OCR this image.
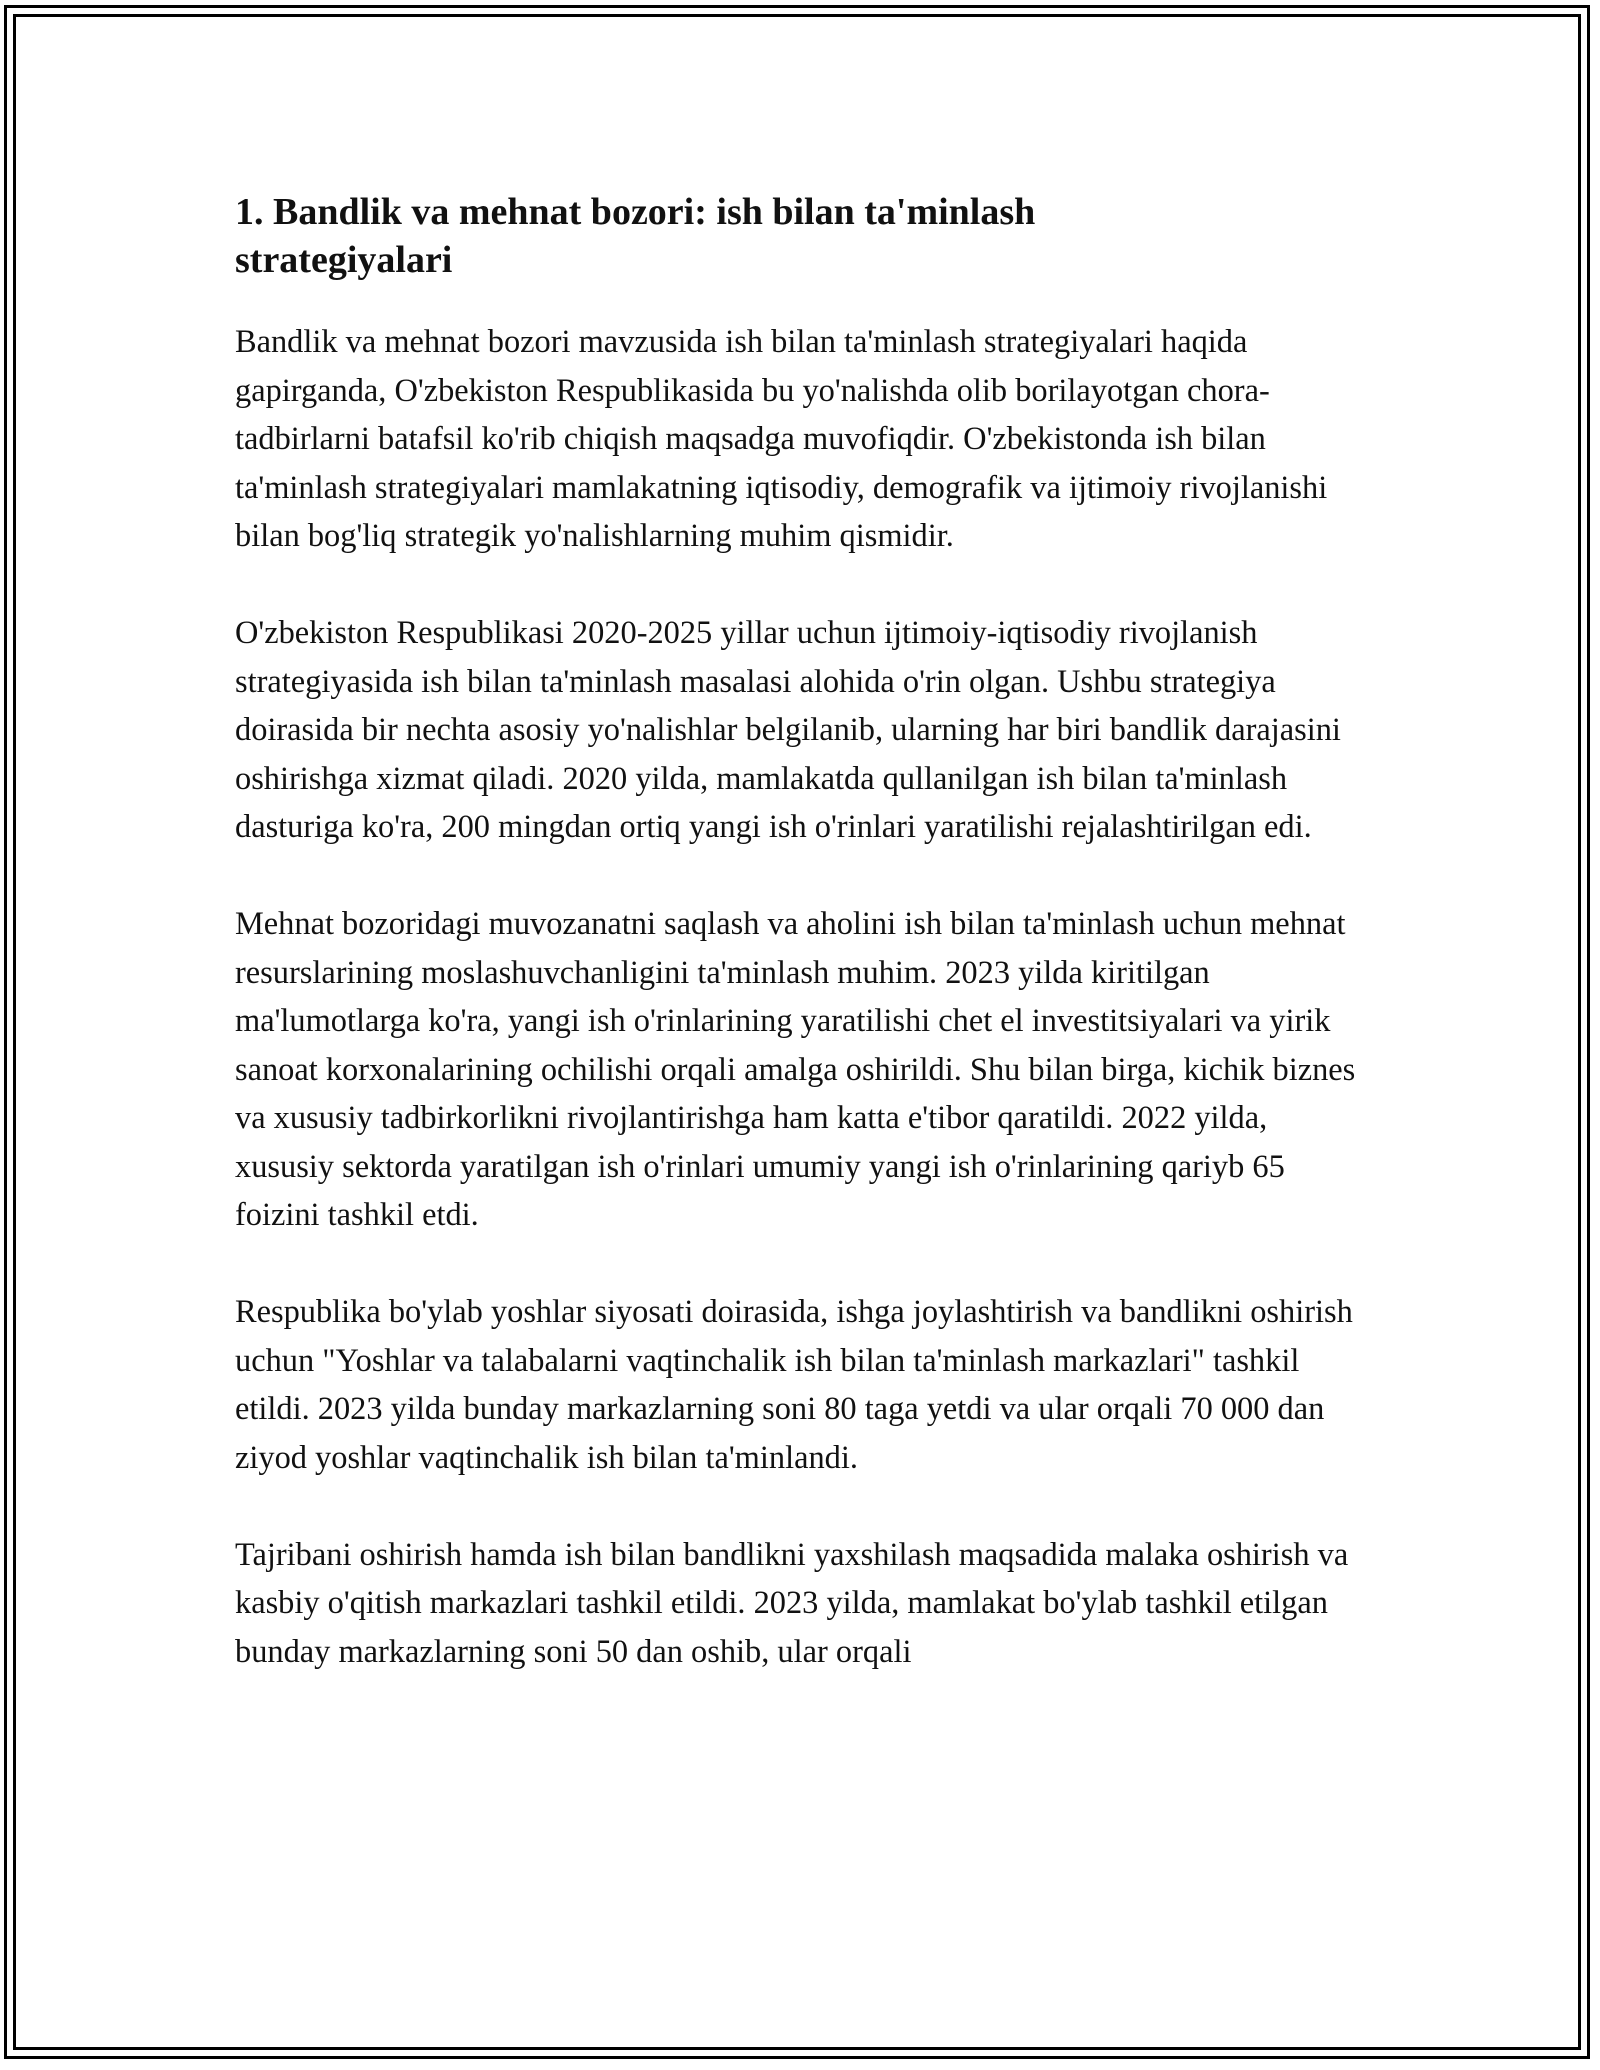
1. Bandlik va mehnat bozori: ish bilan ta'minlash strategiyalari

Bandlik va mehnat bozori mavzusida ish bilan ta'minlash strategiyalari haqida gapirganda, O'zbekiston Respublikasida bu yo'nalishda olib borilayotgan chora-tadbirlarni batafsil ko'rib chiqish maqsadga muvofiqdir. O'zbekistonda ish bilan ta'minlash strategiyalari mamlakatning iqtisodiy, demografik va ijtimoiy rivojlanishi bilan bog'liq strategik yo'nalishlarning muhim qismidir.

O'zbekiston Respublikasi 2020-2025 yillar uchun ijtimoiy-iqtisodiy rivojlanish strategiyasida ish bilan ta'minlash masalasi alohida o'rin olgan. Ushbu strategiya doirasida bir nechta asosiy yo'nalishlar belgilanib, ularning har biri bandlik darajasini oshirishga xizmat qiladi. 2020 yilda, mamlakatda qullanilgan ish bilan ta'minlash dasturiga ko'ra, 200 mingdan ortiq yangi ish o'rinlari yaratilishi rejalashtirilgan edi.

Mehnat bozoridagi muvozanatni saqlash va aholini ish bilan ta'minlash uchun mehnat resurslarining moslashuvchanligini ta'minlash muhim. 2023 yilda kiritilgan ma'lumotlarga ko'ra, yangi ish o'rinlarining yaratilishi chet el investitsiyalari va yirik sanoat korxonalarining ochilishi orqali amalga oshirildi. Shu bilan birga, kichik biznes va xususiy tadbirkorlikni rivojlantirishga ham katta e'tibor qaratildi. 2022 yilda, xususiy sektorda yaratilgan ish o'rinlari umumiy yangi ish o'rinlarining qariyb 65 foizini tashkil etdi.

Respublika bo'ylab yoshlar siyosati doirasida, ishga joylashtirish va bandlikni oshirish uchun "Yoshlar va talabalarni vaqtinchalik ish bilan ta'minlash markazlari" tashkil etildi. 2023 yilda bunday markazlarning soni 80 taga yetdi va ular orqali 70 000 dan ziyod yoshlar vaqtinchalik ish bilan ta'minlandi.

Tajribani oshirish hamda ish bilan bandlikni yaxshilash maqsadida malaka oshirish va kasbiy o'qitish markazlari tashkil etildi. 2023 yilda, mamlakat bo'ylab tashkil etilgan bunday markazlarning soni 50 dan oshib, ular orqali
